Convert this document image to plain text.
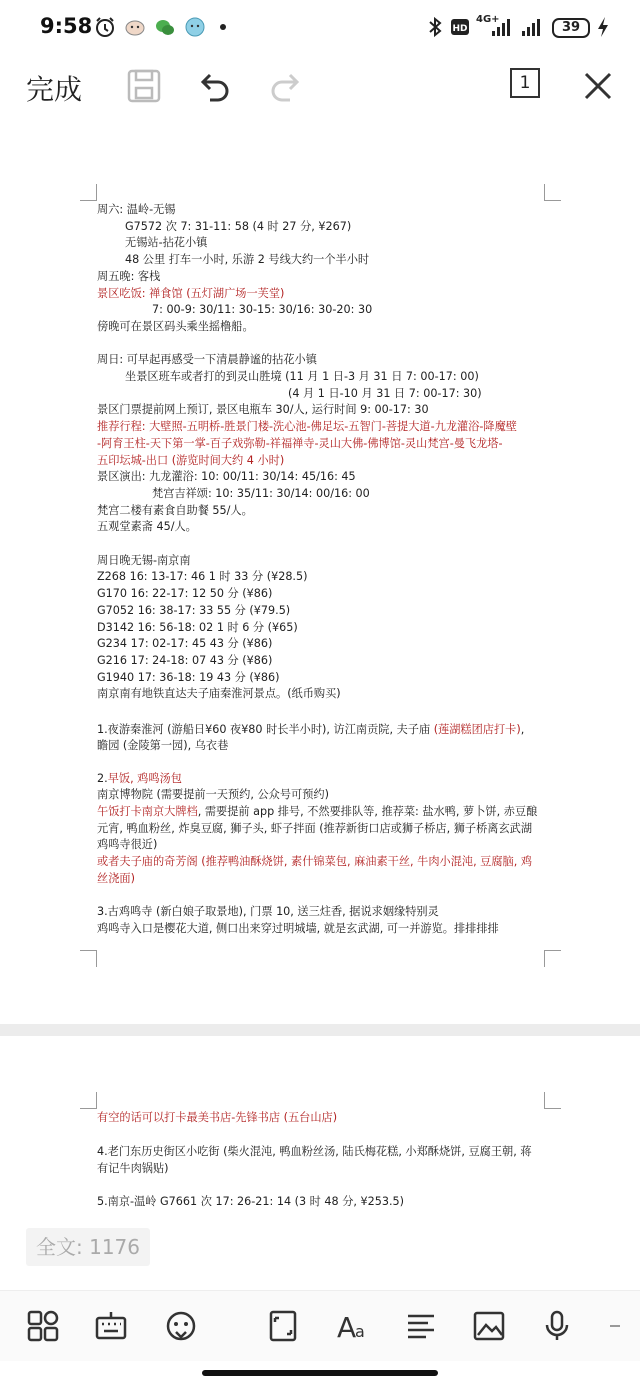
9:58	HD
4G+
39
完成	1
周六: 温岭-无锡
G7572 次 7: 31-11: 58 (4 时 27 分, ¥267)
无锡站-拈花小镇
48 公里 打车一小时, 乐游 2 号线大约一个半小时
周五晚: 客栈
景区吃饭: 禅食馆 (五灯湖广场一芙堂)
7: 00-9: 30/11: 30-15: 30/16: 30-20: 30
傍晚可在景区码头乘坐摇橹船。
周日: 可早起再感受一下清晨静谧的拈花小镇
坐景区班车或者打的到灵山胜境 (11 月 1 日-3 月 31 日 7: 00-17: 00)
(4 月 1 日-10 月 31 日 7: 00-17: 30)
景区门票提前网上预订, 景区电瓶车 30/人, 运行时间 9: 00-17: 30
推荐行程: 大壁照-五明桥-胜景门楼-洗心池-佛足坛-五智门-菩提大道-九龙灌浴-降魔壁
-阿育王柱-天下第一掌-百子戏弥勒-祥福禅寺-灵山大佛-佛博馆-灵山梵宫-曼飞龙塔-
五印坛城-出口 (游览时间大约 4 小时)
景区演出: 九龙灌浴: 10: 00/11: 30/14: 45/16: 45
梵宫吉祥颂: 10: 35/11: 30/14: 00/16: 00
梵宫二楼有素食自助餐 55/人。
五观堂素斋 45/人。
周日晚无锡-南京南
Z268 16: 13-17: 46 1 时 33 分 (¥28.5)
G170 16: 22-17: 12 50 分 (¥86)
G7052 16: 38-17: 33 55 分 (¥79.5)
D3142 16: 56-18: 02 1 时 6 分 (¥65)
G234 17: 02-17: 45 43 分 (¥86)
G216 17: 24-18: 07 43 分 (¥86)
G1940 17: 36-18: 19 43 分 (¥86)
南京南有地铁直达夫子庙秦淮河景点。(纸币购买)
1.夜游秦淮河 (游船日¥60 夜¥80 时长半小时), 访江南贡院, 夫子庙 (莲湖糕团店打卡),
瞻园 (金陵第一园), 乌衣巷
2.早饭, 鸡鸣汤包
南京博物院 (需要提前一天预约, 公众号可预约)
午饭打卡南京大牌档, 需要提前 app 排号, 不然要排队等, 推荐菜: 盐水鸭, 萝卜饼, 赤豆酿
元宵, 鸭血粉丝, 炸臭豆腐, 狮子头, 虾子拌面 (推荐新街口店或狮子桥店, 狮子桥离玄武湖
鸡鸣寺很近)
或者夫子庙的奇芳阁 (推荐鸭油酥烧饼, 素什锦菜包, 麻油素干丝, 牛肉小混沌, 豆腐脑, 鸡
丝浇面)
3.古鸡鸣寺 (新白娘子取景地), 门票 10, 送三炷香, 据说求姻缘特别灵
鸡鸣寺入口是樱花大道, 侧口出来穿过明城墙, 就是玄武湖, 可一并游览。排排排排
有空的话可以打卡最美书店-先锋书店 (五台山店)
4.老门东历史街区小吃街 (柴火混沌, 鸭血粉丝汤, 陆氏梅花糕, 小郑酥烧饼, 豆腐王朝, 蒋
有记牛肉锅贴)
5.南京-温岭 G7661 次 17: 26-21: 14 (3 时 48 分, ¥253.5)
全文: 1176
A
a
